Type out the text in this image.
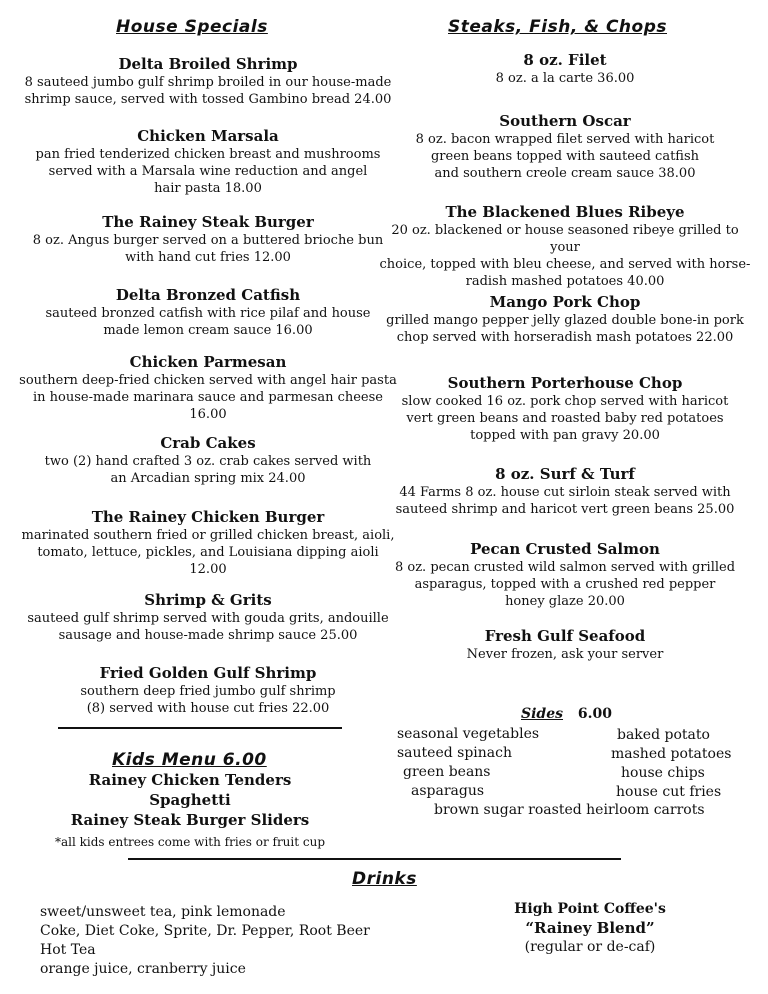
House Specials	Steaks, Fish, & Chops
Delta Broiled Shrimp
8 sauteed jumbo gulf shrimp broiled in our house-made
shrimp sauce, served with tossed Gambino bread 24.00
Chicken Marsala
pan fried tenderized chicken breast and mushrooms
served with a Marsala wine reduction and angel
hair pasta 18.00
The Rainey Steak Burger
8 oz. Angus burger served on a buttered brioche bun
with hand cut fries 12.00
Delta Bronzed Catfish
sauteed bronzed catfish with rice pilaf and house
made lemon cream sauce 16.00
Chicken Parmesan
southern deep-fried chicken served with angel hair pasta
in house-made marinara sauce and parmesan cheese
16.00
Crab Cakes
two (2) hand crafted 3 oz. crab cakes served with
an Arcadian spring mix 24.00
The Rainey Chicken Burger
marinated southern fried or grilled chicken breast, aioli,
tomato, lettuce, pickles, and Louisiana dipping aioli
12.00
Shrimp & Grits
sauteed gulf shrimp served with gouda grits, andouille
sausage and house-made shrimp sauce 25.00
Fried Golden Gulf Shrimp
southern deep fried jumbo gulf shrimp
(8) served with house cut fries 22.00
8 oz. Filet
8 oz. a la carte 36.00
Southern Oscar
8 oz. bacon wrapped filet served with haricot
green beans topped with sauteed catfish
and southern creole cream sauce 38.00
The Blackened Blues Ribeye
20 oz. blackened or house seasoned ribeye grilled to your
choice, topped with bleu cheese, and served with horse-
radish mashed potatoes 40.00
Mango Pork Chop
grilled mango pepper jelly glazed double bone-in pork
chop served with horseradish mash potatoes 22.00
Southern Porterhouse Chop
slow cooked 16 oz. pork chop served with haricot
vert green beans and roasted baby red potatoes
topped with pan gravy 20.00
8 oz. Surf & Turf
44 Farms 8 oz. house cut sirloin steak served with
sauteed shrimp and haricot vert green beans 25.00
Pecan Crusted Salmon
8 oz. pecan crusted wild salmon served with grilled
asparagus, topped with a crushed red pepper
honey glaze 20.00
Fresh Gulf Seafood
Never frozen, ask your server
Kids Menu 6.00
Rainey Chicken Tenders
Spaghetti
Rainey Steak Burger Sliders
*all kids entrees come with fries or fruit cup
Sides 6.00
seasonal vegetables
sauteed spinach
green beans
asparagus
baked potato
mashed potatoes
house chips
house cut fries
brown sugar roasted heirloom carrots
Drinks
sweet/unsweet tea, pink lemonade
Coke, Diet Coke, Sprite, Dr. Pepper, Root Beer
Hot Tea
orange juice, cranberry juice
High Point Coffee's
“Rainey Blend”
(regular or de-caf)
